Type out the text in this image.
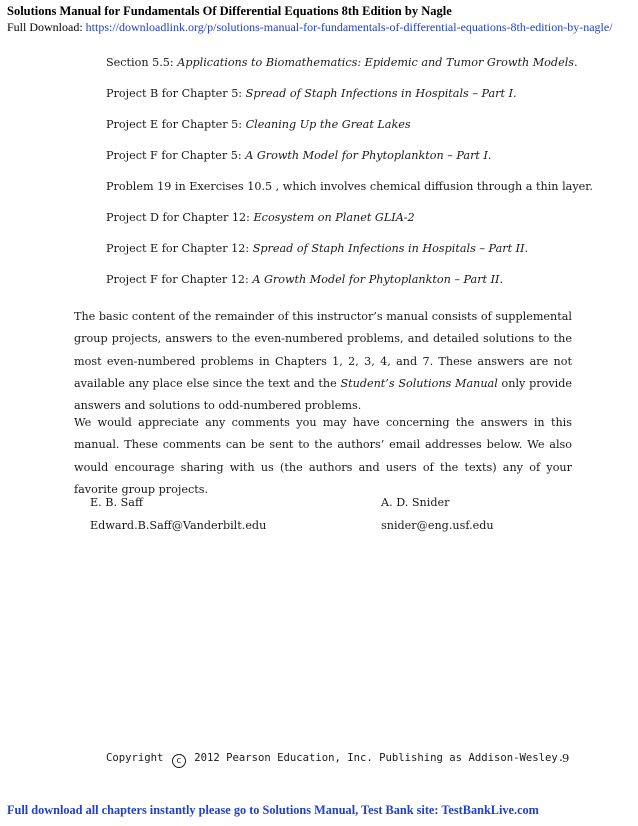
Solutions Manual for Fundamentals Of Differential Equations 8th Edition by Nagle
Full Download: https://downloadlink.org/p/solutions-manual-for-fundamentals-of-differential-equations-8th-edition-by-nagle/
Section 5.5: Applications to Biomathematics: Epidemic and Tumor Growth Models.
Project B for Chapter 5: Spread of Staph Infections in Hospitals – Part I.
Project E for Chapter 5: Cleaning Up the Great Lakes
Project F for Chapter 5: A Growth Model for Phytoplankton – Part I.
Problem 19 in Exercises 10.5 , which involves chemical diffusion through a thin layer.
Project D for Chapter 12: Ecosystem on Planet GLIA-2
Project E for Chapter 12: Spread of Staph Infections in Hospitals – Part II.
Project F for Chapter 12: A Growth Model for Phytoplankton – Part II.

The basic content of the remainder of this instructor’s manual consists of supplemental group projects, answers to the even-numbered problems, and detailed solutions to the most even-numbered problems in Chapters 1, 2, 3, 4, and 7. These answers are not available any place else since the text and the Student’s Solutions Manual only provide answers and solutions to odd-numbered problems.

We would appreciate any comments you may have concerning the answers in this manual. These comments can be sent to the authors’ email addresses below. We also would encourage sharing with us (the authors and users of the texts) any of your favorite group projects.

E. B. Saff
Edward.B.Saff@Vanderbilt.edu
A. D. Snider
snider@eng.usf.edu
Copyright c 2012 Pearson Education, Inc. Publishing as Addison-Wesley.
9
Full download all chapters instantly please go to Solutions Manual, Test Bank site: TestBankLive.com
